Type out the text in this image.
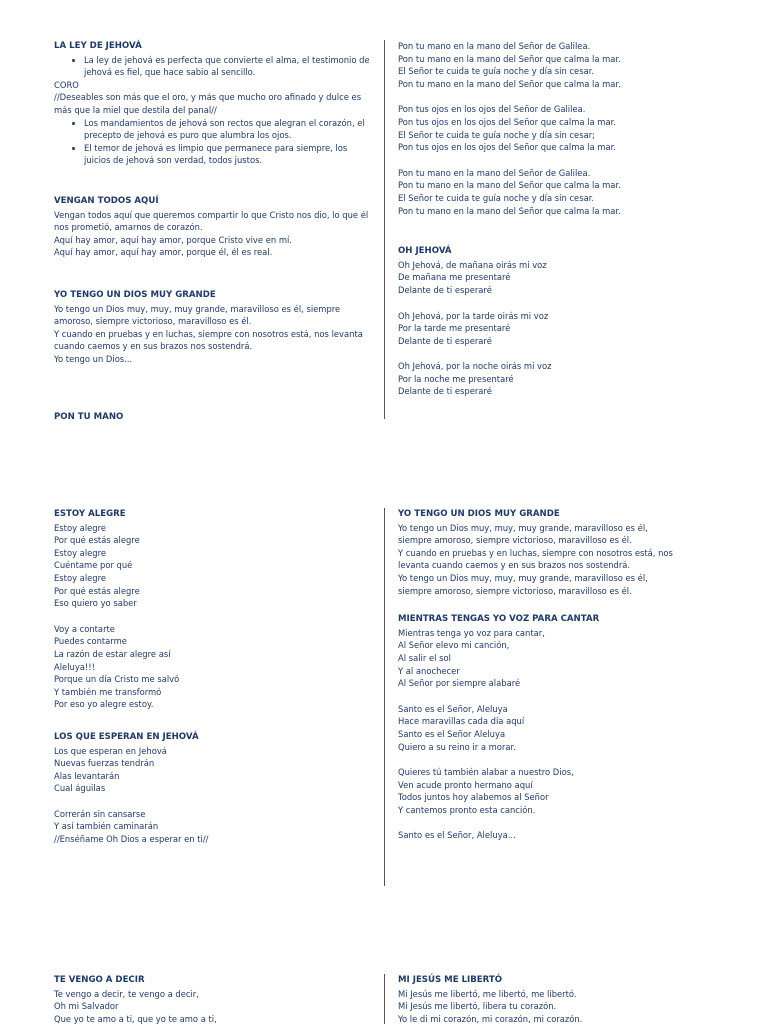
LA LEY DE JEHOVÁ
• La ley de jehová es perfecta que convierte el alma, el testimonio de jehová es fiel, que hace sabio al sencillo.
CORO
//Deseables son más que el oro, y más que mucho oro afinado y dulce es más que la miel que destila del panal//
• Los mandamientos de jehová son rectos que alegran el corazón, el precepto de jehová es puro que alumbra los ojos.
• El temor de jehová es limpio que permanece para siempre, los juicios de jehová son verdad, todos justos.
VENGAN TODOS AQUÍ
Vengan todos aquí que queremos compartir lo que Cristo nos dio, lo que él nos prometió, amarnos de corazón.
Aquí hay amor, aquí hay amor, porque Cristo vive en mí.
Aquí hay amor, aquí hay amor, porque él, él es real.
YO TENGO UN DIOS MUY GRANDE
Yo tengo un Dios muy, muy, muy grande, maravilloso es él, siempre amoroso, siempre victorioso, maravilloso es él.
Y cuando en pruebas y en luchas, siempre con nosotros está, nos levanta cuando caemos y en sus brazos nos sostendrá.
Yo tengo un Dios...
PON TU MANO
Pon tu mano en la mano del Señor de Galilea.
Pon tu mano en la mano del Señor que calma la mar.
El Señor te cuida te guía noche y día sin cesar.
Pon tu mano en la mano del Señor que calma la mar.
Pon tus ojos en los ojos del Señor de Galilea.
Pon tus ojos en los ojos del Señor que calma la mar.
El Señor te cuida te guía noche y día sin cesar;
Pon tus ojos en los ojos del Señor que calma la mar.
Pon tu mano en la mano del Señor de Galilea.
Pon tu mano en la mano del Señor que calma la mar.
El Señor te cuida te guía noche y día sin cesar.
Pon tu mano en la mano del Señor que calma la mar.
OH JEHOVÁ
Oh Jehová, de mañana oirás mi voz
De mañana me presentaré
Delante de ti esperaré
Oh Jehová, por la tarde oirás mi voz
Por la tarde me presentaré
Delante de ti esperaré
Oh Jehová, por la noche oirás mi voz
Por la noche me presentaré
Delante de ti esperaré
ESTOY ALEGRE
Estoy alegre
Por qué estás alegre
Estoy alegre
Cuéntame por qué
Estoy alegre
Por qué estás alegre
Eso quiero yo saber
Voy a contarte
Puedes contarme
La razón de estar alegre así
Aleluya!!!
Porque un día Cristo me salvó
Y también me transformó
Por eso yo alegre estoy.
LOS QUE ESPERAN EN JEHOVÁ
Los que esperan en Jehová
Nuevas fuerzas tendrán
Alas levantarán
Cual águilas
Correrán sin cansarse
Y así también caminarán
//Enséñame Oh Dios a esperar en ti//
YO TENGO UN DIOS MUY GRANDE
Yo tengo un Dios muy, muy, muy grande, maravilloso es él,
siempre amoroso, siempre victorioso, maravilloso es él.
Y cuando en pruebas y en luchas, siempre con nosotros está, nos
levanta cuando caemos y en sus brazos nos sostendrá.
Yo tengo un Dios muy, muy, muy grande, maravilloso es él,
siempre amoroso, siempre victorioso, maravilloso es él.
MIENTRAS TENGAS YO VOZ PARA CANTAR
Mientras tenga yo voz para cantar,
Al Señor elevo mi canción,
Al salir el sol
Y al anochecer
Al Señor por siempre alabaré
Santo es el Señor, Aleluya
Hace maravillas cada día aquí
Santo es el Señor Aleluya
Quiero a su reino ir a morar.
Quieres tú también alabar a nuestro Dios,
Ven acude pronto hermano aquí
Todos juntos hoy alabemos al Señor
Y cantemos pronto esta canción.
Santo es el Señor, Aleluya...
TE VENGO A DECIR
Te vengo a decir, te vengo a decir,
Oh mi Salvador
Que yo te amo a ti, que yo te amo a ti,
MI JESÚS ME LIBERTÓ
Mi Jesús me libertó, me libertó, me libertó.
Mi Jesús me libertó, libera tu corazón.
Yo le di mi corazón, mi corazón, mi corazón.
